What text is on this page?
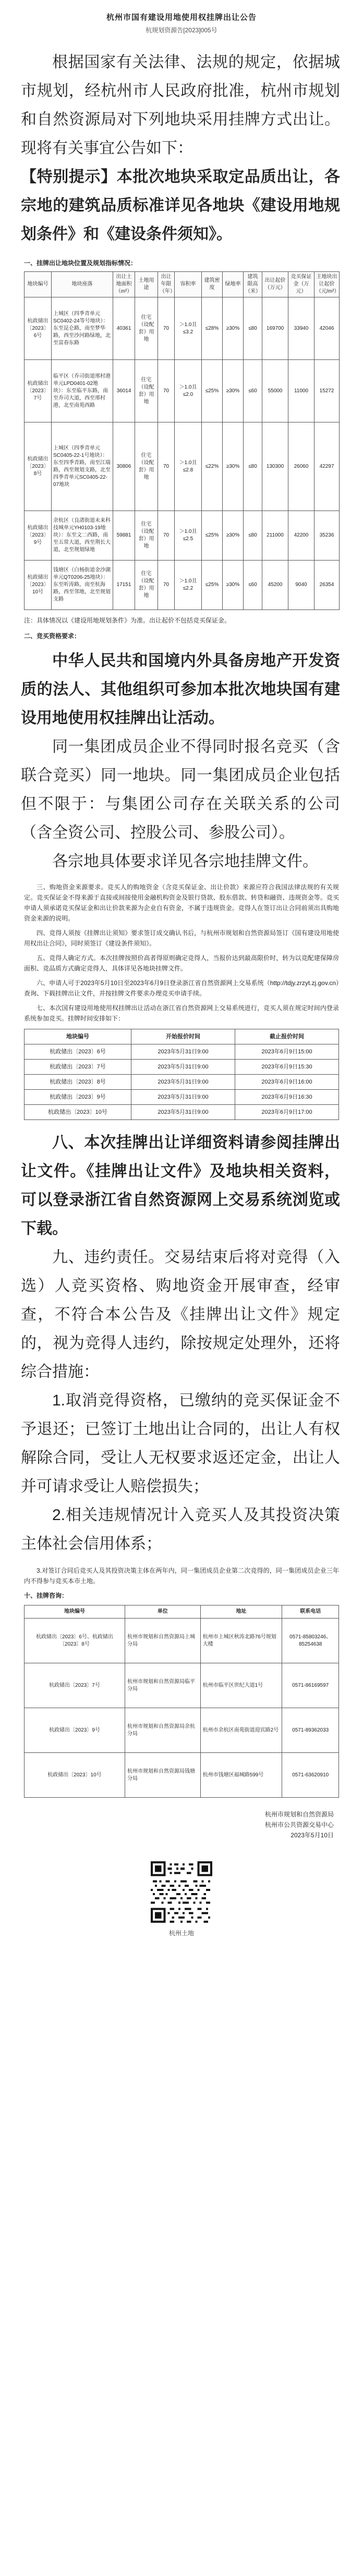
杭州市国有建设用地使用权挂牌出让公告
杭规划资源告[2023]005号
根据国家有关法律、法规的规定，依据城市规划，经杭州市人民政府批准，杭州市规划和自然资源局对下列地块采用挂牌方式出让。现将有关事宜公告如下：
【特别提示】本批次地块采取定品质出让，各宗地的建筑品质标准详见各地块《建设用地规划条件》和《建设条件须知》。
一、挂牌出让地块位置及规划指标情况：
地块编号	地块座落	出让土地面积（m²）	土地用途	出让年限（年）	容积率	建筑密度	绿地率	建筑限高（米）	出让起价（万元）	竞买保证金（万元）	主地块出让起价（元/m²）
杭政储出〔2023〕6号	上城区（四季青单元SC0402-24等号地块）：东至昆仑路，南至梦华路，西至沙河路绿地，北至富春东路	40361	住宅（设配套）用地	70	＞1.0且≤3.2	≤28%	≥30%	≤80	169700	33940	42046
杭政储出〔2023〕7号	临平区（乔司街道邢村港单元LPD0401-02地块）：东至临平东路，南至乔司大道，西至邢村港，北至南苑西路	36014	住宅（设配套）用地	70	＞1.0且≤2.0	≤25%	≥30%	≤60	55000	11000	15272
杭政储出〔2023〕8号	上城区（四季青单元SC0405-22-1号地块）：东至四季青路，南至江瑞路，西至规划支路，北至四季青单元SC0405-22-07地块	30806	住宅（设配套）用地	70	＞1.0且≤2.8	≤22%	≥30%	≤80	130300	26060	42297
杭政储出〔2023〕9号	余杭区（良渚街道未来科技城单元YH0103-19地块）：东至文二西路，南至五常大道，西至荆长大道，北至规划绿地	59881	住宅（设配套）用地	70	＞1.0且≤2.5	≤25%	≥30%	≤80	211000	42200	35236
杭政储出〔2023〕10号	钱塘区（白杨街道金沙湖单元QT0206-25地块）：东至听涛路，南至杭海路，西至邻地，北至规划支路	17151	住宅（设配套）用地	70	＞1.0且≤2.2	≤25%	≥30%	≤60	45200	9040	26354
注：具体情况以《建设用地规划条件》为准。出让起价不包括竞买保证金。
二、竞买资格要求：
中华人民共和国境内外具备房地产开发资质的法人、其他组织可参加本批次地块国有建设用地使用权挂牌出让活动。
同一集团成员企业不得同时报名竞买（含联合竞买）同一地块。同一集团成员企业包括但不限于：与集团公司存在关联关系的公司（含全资公司、控股公司、参股公司）。
各宗地具体要求详见各宗地挂牌文件。
三、购地资金来源要求。竞买人的购地资金（含竞买保证金、出让价款）来源应符合我国法律法规的有关规定。竞买保证金不得来源于直接或间接使用金融机构资金及银行贷款、股东借款、转贷和融资、违规资金等。竞买申请人须承诺竞买保证金和出让价款来源为企业自有资金，不属于违规资金。竞得人在签订出让合同前须出具购地资金来源的说明。
四、竞得人须按《挂牌出让须知》要求签订成交确认书后，与杭州市规划和自然资源局签订《国有建设用地使用权出让合同》，同时须签订《建设条件须知》。
五、竞得人确定方式。本次挂牌按照价高者得原则确定竞得人，当报价达到最高限价时，转为以竞配建保障房面积、竞品质方式确定竞得人，具体详见各地块挂牌文件。
六、申请人可于2023年5月10日至2023年6月9日登录浙江省自然资源网上交易系统（http://tdjy.zrzyt.zj.gov.cn）查询、下载挂牌出让文件，并按挂牌文件要求办理竞买申请手续。
七、本次国有建设用地使用权挂牌出让活动在浙江省自然资源网上交易系统进行，竞买人须在规定时间内登录系统参加竞买。挂牌时间安排如下：
地块编号	开始报价时间	截止报价时间
杭政储出〔2023〕6号	2023年5月31日9:00	2023年6月9日15:00
杭政储出〔2023〕7号	2023年5月31日9:00	2023年6月9日15:30
杭政储出〔2023〕8号	2023年5月31日9:00	2023年6月9日16:00
杭政储出〔2023〕9号	2023年5月31日9:00	2023年6月9日16:30
杭政储出〔2023〕10号	2023年5月31日9:00	2023年6月9日17:00
八、本次挂牌出让详细资料请参阅挂牌出让文件。《挂牌出让文件》及地块相关资料，可以登录浙江省自然资源网上交易系统浏览或下载。
九、违约责任。交易结束后将对竞得（入选）人竞买资格、购地资金开展审查，经审查，不符合本公告及《挂牌出让文件》规定的，视为竞得人违约，除按规定处理外，还将综合措施：
1.取消竞得资格，已缴纳的竞买保证金不予退还；已签订土地出让合同的，出让人有权解除合同，受让人无权要求返还定金，出让人并可请求受让人赔偿损失；
2.相关违规情况计入竞买人及其投资决策主体社会信用体系；
3.对签订合同后竞买人及其投资决策主体在两年内，同一集团成员企业第二次竞得的，同一集团成员企业三年内不得参与竞买本市土地。
十、挂牌咨询：
地块编号	单位	地址	联系电话
杭政储出〔2023〕6号、杭政储出〔2023〕8号	杭州市规划和自然资源局上城分局	杭州市上城区秋涛北路76号规划大楼	0571-85803246、85254638
杭政储出〔2023〕7号	杭州市规划和自然资源局临平分局	杭州市临平区世纪大道1号	0571-86169597
杭政储出〔2023〕9号	杭州市规划和自然资源局余杭分局	杭州市余杭区南苑街道迎宾路2号	0571-89362033
杭政储出〔2023〕10号	杭州市规划和自然资源局钱塘分局	杭州市钱塘区福城路599号	0571-63620910
杭州市规划和自然资源局
杭州市公共资源交易中心
2023年5月10日
杭州土地
